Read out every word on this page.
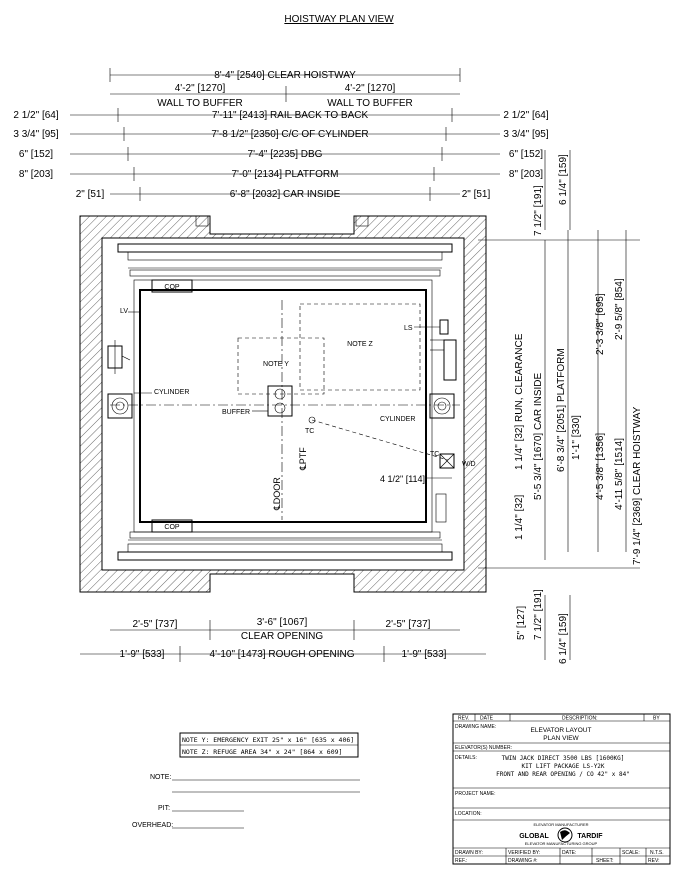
HOISTWAY PLAN VIEW
8'-4" [2540] CLEAR HOISTWAY
4'-2" [1270]	4'-2" [1270]
WALL TO BUFFER	WALL TO BUFFER
2 1/2" [64]	7'-11" [2413] RAIL BACK TO BACK	2 1/2" [64]
3 3/4" [95]	7'-8 1/2" [2350] C/C OF CYLINDER	3 3/4" [95]
6" [152]	7'-4" [2235] DBG	6" [152]
8" [203]	7'-0" [2134] PLATFORM	8" [203]
2" [51]	6'-8" [2032] CAR INSIDE	2" [51]
COP
COP
NOTE Y
NOTE Z
BUFFER
CYLINDER
CYLINDER
LV
LS
TC
TC
W/D
4 1/2" [114]
℄PTF
℄DOOR
6 1/4" [159]
7 1/2" [191]
1 1/4" [32] RUN, CLEARANCE 5'-5 3/4" [1670] CAR INSIDE 6'-8 3/4" [2051] PLATFORM 1'-1" [330]
2'-3 3/8" [695]
4'-5 3/8" [1356]
2'-9 5/8" [854]
4'-11 5/8" [1514] 7'-9 1/4" [2369] CLEAR HOISTWAY
5" [127] 7 1/2" [191] 6 1/4" [159]
1 1/4" [32]
2'-5" [737]	3'-6" [1067]
CLEAR OPENING
2'-5" [737]
1'-9" [533]	4'-10" [1473] ROUGH OPENING	1'-9" [533]
NOTE Y: EMERGENCY EXIT 25" x 16" [635 x 406]
NOTE Z: REFUGE AREA 34" x 24" [864 x 609]
NOTE:
PIT:
OVERHEAD:
REV. DATE	DESCRIPTION:	BY
DRAWING NAME:	ELEVATOR LAYOUT
PLAN VIEW
ELEVATOR(S) NUMBER:
DETAILS:	TWIN JACK DIRECT 3500 LBS [1600KG]
KIT LIFT PACKAGE LS-Y2K
FRONT AND REAR OPENING / CO 42" x 84"
PROJECT NAME:
LOCATION:
ELEVATOR MANUFACTURER
GLOBAL	TARDIF
ELEVATOR MANUFACTURING GROUP
DRAWN BY:	VERIFIED BY:	DATE:	SCALE: N.T.S.
REF.:	DRAWING #:	SHEET:	REV:
